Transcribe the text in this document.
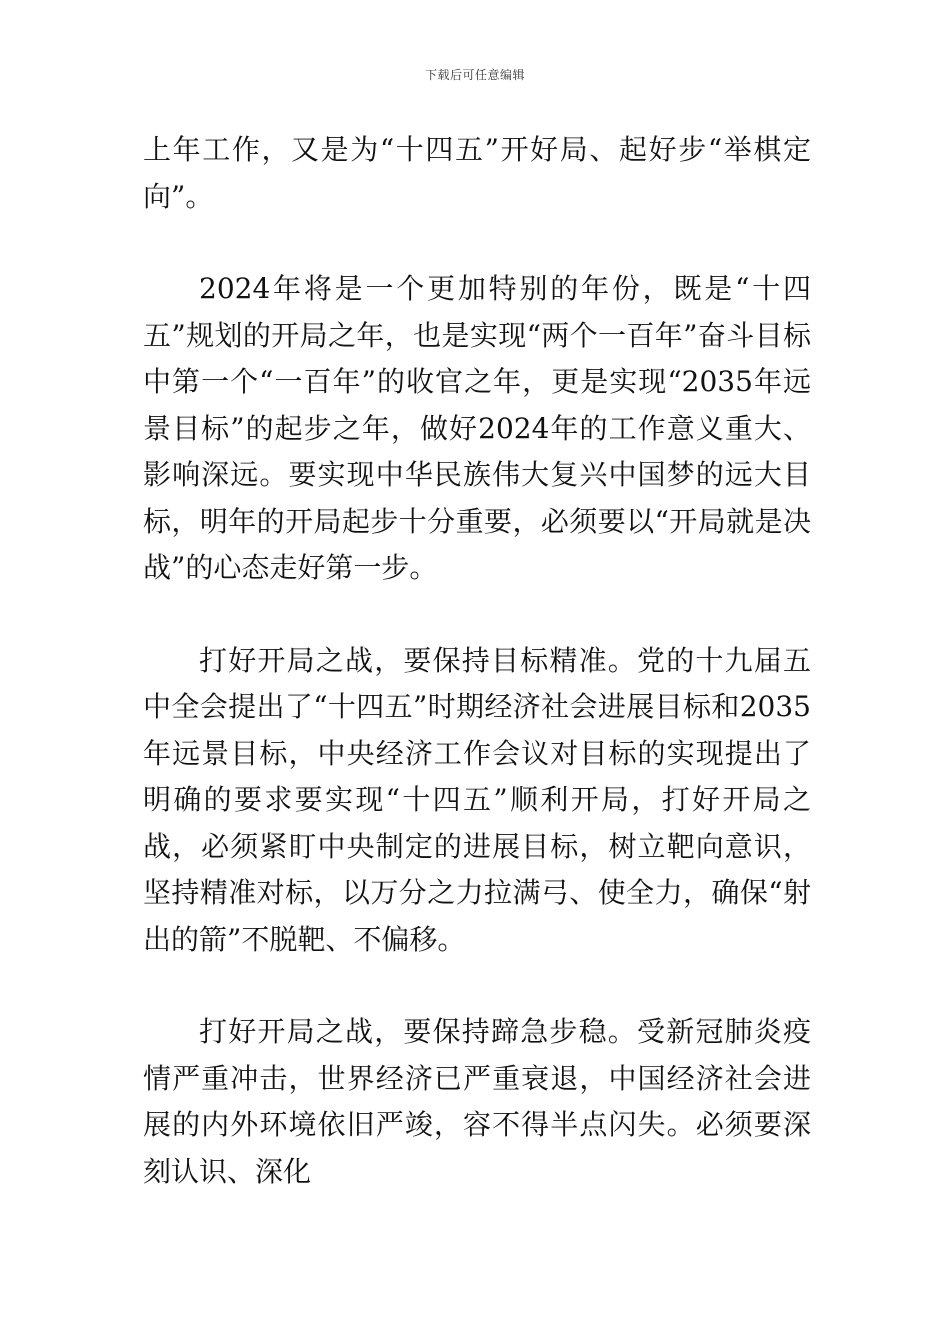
下载后可任意编辑

上年工作，又是为“十四五”开好局、起好步“举棋定向”。

2024年将是一个更加特别的年份，既是“十四五”规划的开局之年，也是实现“两个一百年”奋斗目标中第一个“一百年”的收官之年，更是实现“2035年远景目标”的起步之年，做好2024年的工作意义重大、影响深远。要实现中华民族伟大复兴中国梦的远大目标，明年的开局起步十分重要，必须要以“开局就是决战”的心态走好第一步。

打好开局之战，要保持目标精准。党的十九届五中全会提出了“十四五”时期经济社会进展目标和2035年远景目标，中央经济工作会议对目标的实现提出了明确的要求要实现“十四五”顺利开局，打好开局之战，必须紧盯中央制定的进展目标，树立靶向意识，坚持精准对标，以万分之力拉满弓、使全力，确保“射出的箭”不脱靶、不偏移。

打好开局之战，要保持蹄急步稳。受新冠肺炎疫情严重冲击，世界经济已严重衰退，中国经济社会进展的内外环境依旧严竣，容不得半点闪失。必须要深刻认识、深化
